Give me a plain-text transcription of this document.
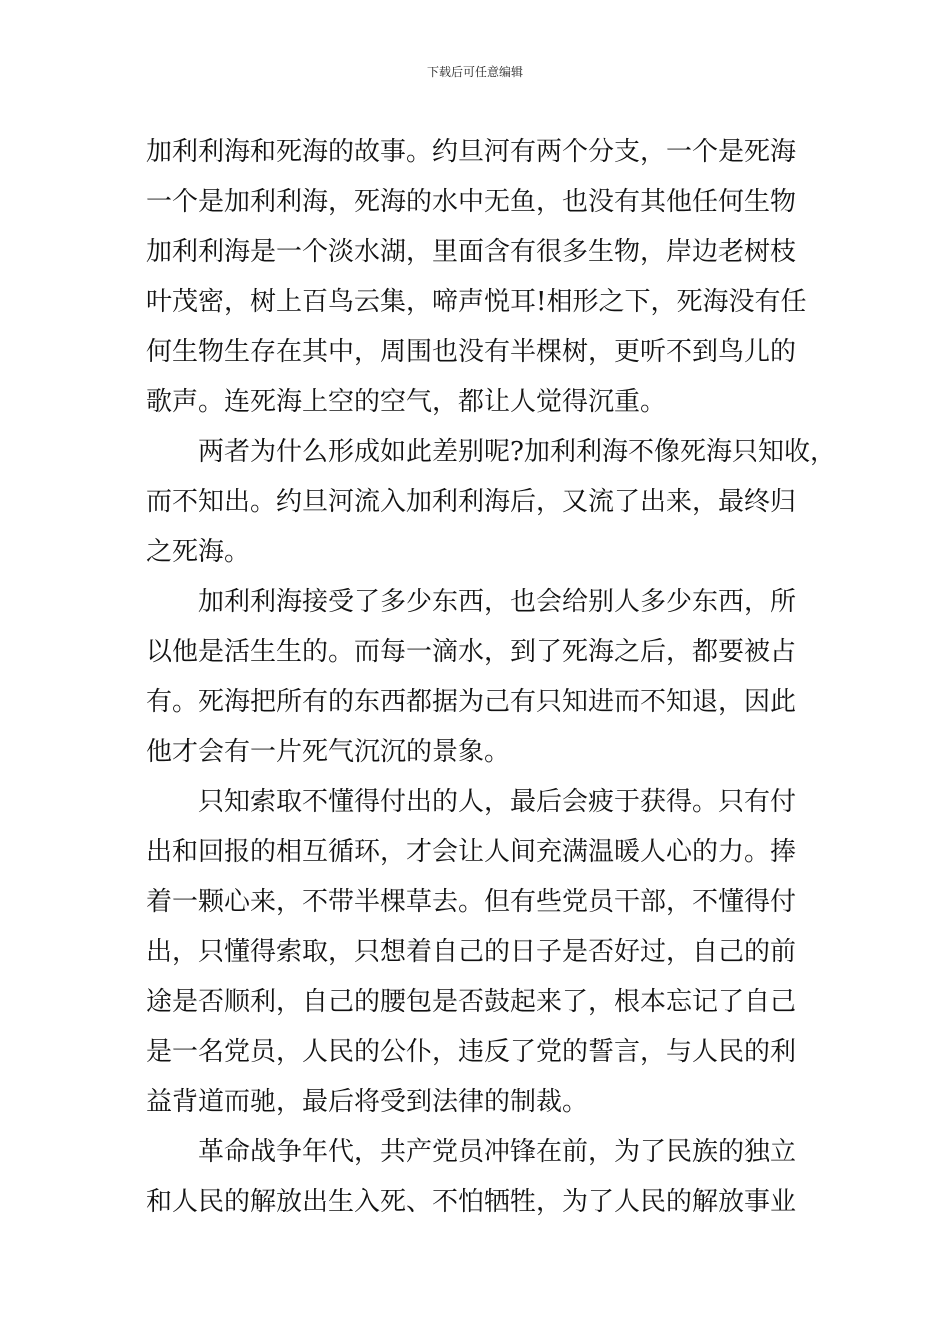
下载后可任意编辑
加利利海和死海的故事。约旦河有两个分支，一个是死海
一个是加利利海，死海的水中无鱼，也没有其他任何生物
加利利海是一个淡水湖，里面含有很多生物，岸边老树枝
叶茂密，树上百鸟云集，啼声悦耳!相形之下，死海没有任
何生物生存在其中，周围也没有半棵树，更听不到鸟儿的
歌声。连死海上空的空气，都让人觉得沉重。
两者为什么形成如此差别呢?加利利海不像死海只知收，
而不知出。约旦河流入加利利海后，又流了出来，最终归
之死海。
加利利海接受了多少东西，也会给别人多少东西，所
以他是活生生的。而每一滴水，到了死海之后，都要被占
有。死海把所有的东西都据为己有只知进而不知退，因此
他才会有一片死气沉沉的景象。
只知索取不懂得付出的人，最后会疲于获得。只有付
出和回报的相互循环，才会让人间充满温暖人心的力。捧
着一颗心来，不带半棵草去。但有些党员干部，不懂得付
出，只懂得索取，只想着自己的日子是否好过，自己的前
途是否顺利，自己的腰包是否鼓起来了，根本忘记了自己
是一名党员，人民的公仆，违反了党的誓言，与人民的利
益背道而驰，最后将受到法律的制裁。
革命战争年代，共产党员冲锋在前，为了民族的独立
和人民的解放出生入死、不怕牺牲，为了人民的解放事业
